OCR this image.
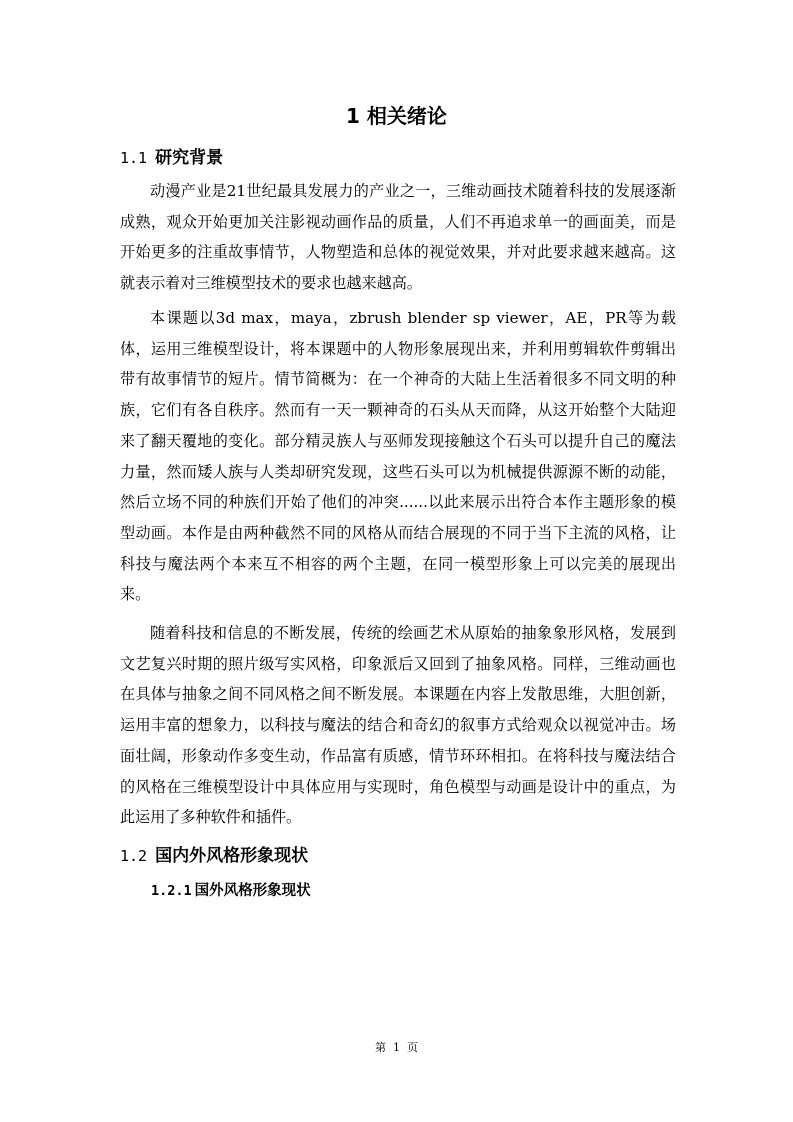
1 相关绪论
1.1 研究背景

动漫产业是21世纪最具发展力的产业之一，三维动画技术随着科技的发展逐渐成熟，观众开始更加关注影视动画作品的质量，人们不再追求单一的画面美，而是开始更多的注重故事情节，人物塑造和总体的视觉效果，并对此要求越来越高。这就表示着对三维模型技术的要求也越来越高。

本课题以3d max，maya，zbrush blender sp viewer，AE，PR等为载体，运用三维模型设计，将本课题中的人物形象展现出来，并利用剪辑软件剪辑出带有故事情节的短片。情节简概为：在一个神奇的大陆上生活着很多不同文明的种族，它们有各自秩序。然而有一天一颗神奇的石头从天而降，从这开始整个大陆迎来了翻天覆地的变化。部分精灵族人与巫师发现接触这个石头可以提升自己的魔法力量，然而矮人族与人类却研究发现，这些石头可以为机械提供源源不断的动能，然后立场不同的种族们开始了他们的冲突......以此来展示出符合本作主题形象的模型动画。本作是由两种截然不同的风格从而结合展现的不同于当下主流的风格，让科技与魔法两个本来互不相容的两个主题，在同一模型形象上可以完美的展现出来。

随着科技和信息的不断发展，传统的绘画艺术从原始的抽象象形风格，发展到文艺复兴时期的照片级写实风格，印象派后又回到了抽象风格。同样，三维动画也在具体与抽象之间不同风格之间不断发展。本课题在内容上发散思维，大胆创新，运用丰富的想象力，以科技与魔法的结合和奇幻的叙事方式给观众以视觉冲击。场面壮阔，形象动作多变生动，作品富有质感，情节环环相扣。在将科技与魔法结合的风格在三维模型设计中具体应用与实现时，角色模型与动画是设计中的重点，为此运用了多种软件和插件。

1.2 国内外风格形象现状
1.2.1 国外风格形象现状

第 1 页
